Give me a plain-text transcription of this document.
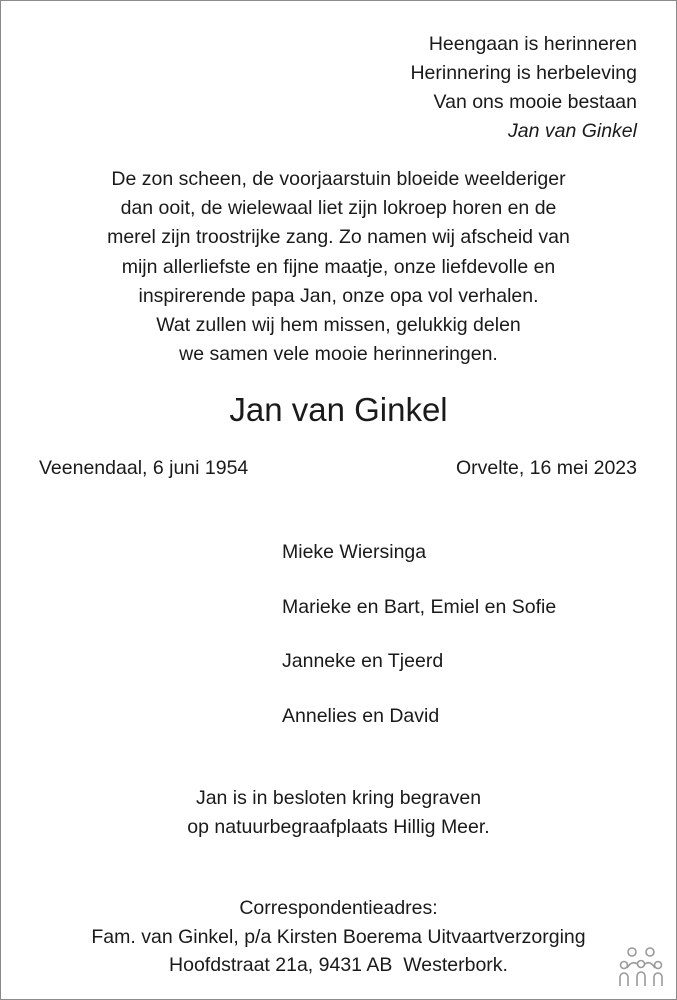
Heengaan is herinneren
Herinnering is herbeleving
Van ons mooie bestaan
Jan van Ginkel
De zon scheen, de voorjaarstuin bloeide weelderiger
dan ooit, de wielewaal liet zijn lokroep horen en de
merel zijn troostrijke zang. Zo namen wij afscheid van
mijn allerliefste en fijne maatje, onze liefdevolle en
inspirerende papa Jan, onze opa vol verhalen.
Wat zullen wij hem missen, gelukkig delen
we samen vele mooie herinneringen.
Jan van Ginkel
Veenendaal, 6 juni 1954	Orvelte, 16 mei 2023
Mieke Wiersinga
Marieke en Bart, Emiel en Sofie
Janneke en Tjeerd
Annelies en David
Jan is in besloten kring begraven
op natuurbegraafplaats Hillig Meer.
Correspondentieadres:
Fam. van Ginkel, p/a Kirsten Boerema Uitvaartverzorging
Hoofdstraat 21a, 9431 AB  Westerbork.
